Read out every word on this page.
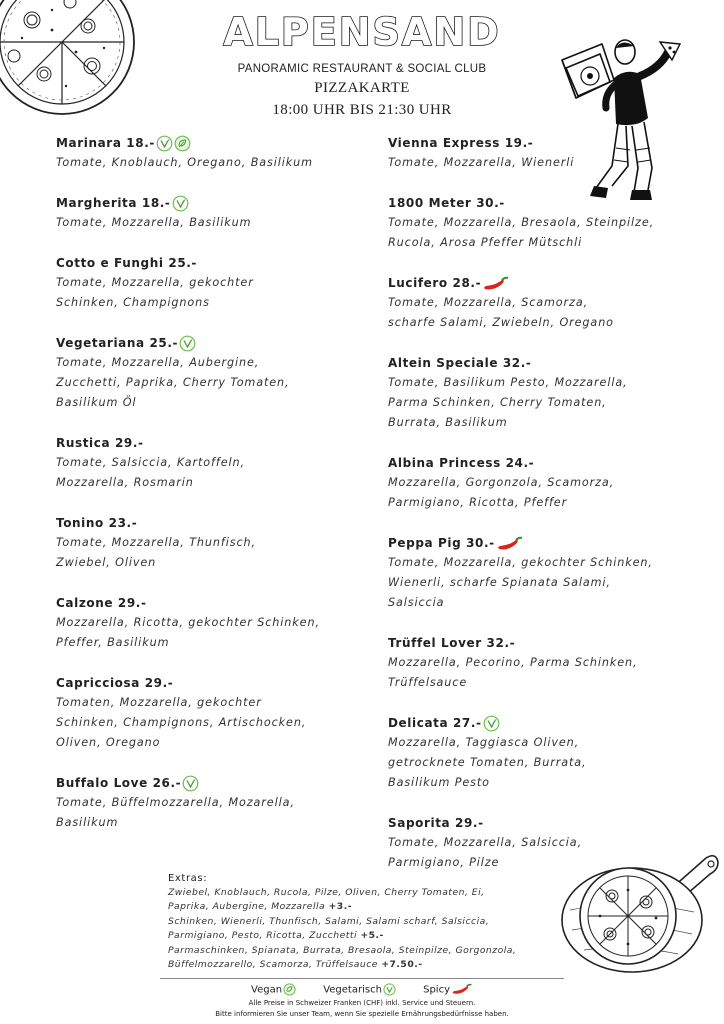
ALPENSAND
PANORAMIC RESTAURANT & SOCIAL CLUB
PIZZAKARTE
18:00 UHR BIS 21:30 UHR
Marinara 18.-
Tomate, Knoblauch, Oregano, Basilikum
Margherita 18.-
Tomate, Mozzarella, Basilikum
Cotto e Funghi 25.-
Tomate, Mozzarella, gekochter
Schinken, Champignons
Vegetariana 25.-
Tomate, Mozzarella, Aubergine,
Zucchetti, Paprika, Cherry Tomaten,
Basilikum Öl
Rustica 29.-
Tomate, Salsiccia, Kartoffeln,
Mozzarella, Rosmarin
Tonino 23.-
Tomate, Mozzarella, Thunfisch,
Zwiebel, Oliven
Calzone 29.-
Mozzarella, Ricotta, gekochter Schinken,
Pfeffer, Basilikum
Capricciosa 29.-
Tomaten, Mozzarella, gekochter
Schinken, Champignons, Artischocken,
Oliven, Oregano
Buffalo Love 26.-
Tomate, Büffelmozzarella, Mozarella,
Basilikum
Vienna Express 19.-
Tomate, Mozzarella, Wienerli
1800 Meter 30.-
Tomate, Mozzarella, Bresaola, Steinpilze,
Rucola, Arosa Pfeffer Mütschli
Lucifero 28.-
Tomate, Mozzarella, Scamorza,
scharfe Salami, Zwiebeln, Oregano
Altein Speciale 32.-
Tomate, Basilikum Pesto, Mozzarella,
Parma Schinken, Cherry Tomaten,
Burrata, Basilikum
Albina Princess 24.-
Mozzarella, Gorgonzola, Scamorza,
Parmigiano, Ricotta, Pfeffer
Peppa Pig 30.-
Tomate, Mozzarella, gekochter Schinken,
Wienerli, scharfe Spianata Salami,
Salsiccia
Trüffel Lover 32.-
Mozzarella, Pecorino, Parma Schinken,
Trüffelsauce
Delicata 27.-
Mozzarella, Taggiasca Oliven,
getrocknete Tomaten, Burrata,
Basilikum Pesto
Saporita 29.-
Tomate, Mozzarella, Salsiccia,
Parmigiano, Pilze
Extras:
Zwiebel, Knoblauch, Rucola, Pilze, Oliven, Cherry Tomaten, Ei,
Paprika, Aubergine, Mozzarella +3.-
Schinken, Wienerli, Thunfisch, Salami, Salami scharf, Salsiccia,
Parmigiano, Pesto, Ricotta, Zucchetti +5.-
Parmaschinken, Spianata, Burrata, Bresaola, Steinpilze, Gorgonzola,
Büffelmozzarello, Scamorza, Trüffelsauce +7.50.-
Vegan	Vegetarisch	Spicy
Alle Preise in Schweizer Franken (CHF) inkl. Service und Steuern.
Bitte informieren Sie unser Team, wenn Sie spezielle Ernährungsbedürfnisse haben.
